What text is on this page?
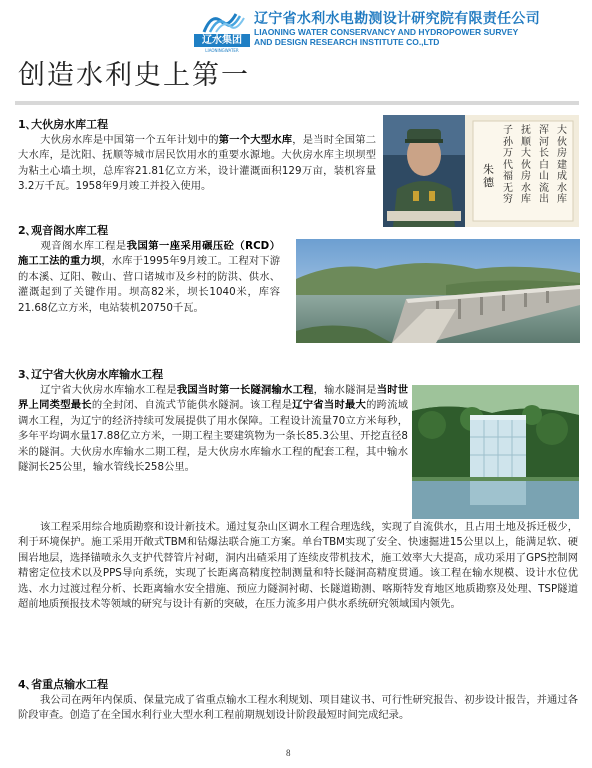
辽水集团
LIAONINGWATER
辽宁省水利水电勘测设计研究院有限责任公司
LIAONING WATER CONSERVANCY AND HYDROPOWER SURVEY
AND DESIGN RESEARCH INSTITUTE CO.,LTD
创造水利史上第一
1､大伙房水库工程
大伙房水库是中国第一个五年计划中的第一个大型水库，是当时全国第二大水库，是沈阳、抚顺等城市居民饮用水的重要水源地。大伙房水库主坝坝型为粘土心墙土坝，总库容21.81亿立方米，设计灌溉面积129万亩，装机容量3.2万千瓦。1958年9月竣工并投入使用。
大伙房建成水库
浑河长白山流出
抚顺大伙房水库
子孙万代福无穷
朱德
2､观音阁水库工程
观音阁水库工程是我国第一座采用碾压砼（RCD）施工工法的重力坝，水库于1995年9月竣工。工程对下游的本溪、辽阳、鞍山、营口诸城市及乡村的防洪、供水、灌溉起到了关键作用。坝高82米，坝长1040米，库容21.68亿立方米，电站装机20750千瓦。
3､辽宁省大伙房水库输水工程
辽宁省大伙房水库输水工程是我国当时第一长隧洞输水工程，输水隧洞是当时世界上同类型最长的全封闭、自流式节能供水隧洞。该工程是辽宁省当时最大的跨流域调水工程，为辽宁的经济持续可发展提供了用水保障。工程设计流量70立方米每秒，多年平均调水量17.88亿立方米，一期工程主要建筑物为一条长85.3公里、开挖直径8米的隧洞。大伙房水库输水二期工程，是大伙房水库输水工程的配套工程，其中输水隧洞长25公里，输水管线长258公里。
该工程采用综合地质勘察和设计新技术。通过复杂山区调水工程合理选线，实现了自流供水，且占用土地及拆迁极少，利于环境保护。施工采用开敞式TBM和钻爆法联合施工方案。单台TBM实现了安全、快速掘进15公里以上，能满足软、硬围岩地层，选择锚喷永久支护代替管片衬砌，洞内出碴采用了连续皮带机技术，施工效率大大提高，成功采用了GPS控制网精密定位技术以及PPS导向系统，实现了长距离高精度控制测量和特长隧洞高精度贯通。该工程在输水规模、设计水位优选、水力过渡过程分析、长距离输水安全措施、预应力隧洞衬砌、长隧道勘测、喀斯特发育地区地质勘察及处理、TSP隧道超前地质预报技术等领域的研究与设计有新的突破，在压力流多用户供水系统研究领域国内领先。
4､省重点输水工程
我公司在两年内保质、保量完成了省重点输水工程水利规划、项目建议书、可行性研究报告、初步设计报告，并通过各阶段审查。创造了在全国水利行业大型水利工程前期规划设计阶段最短时间完成纪录。
8
